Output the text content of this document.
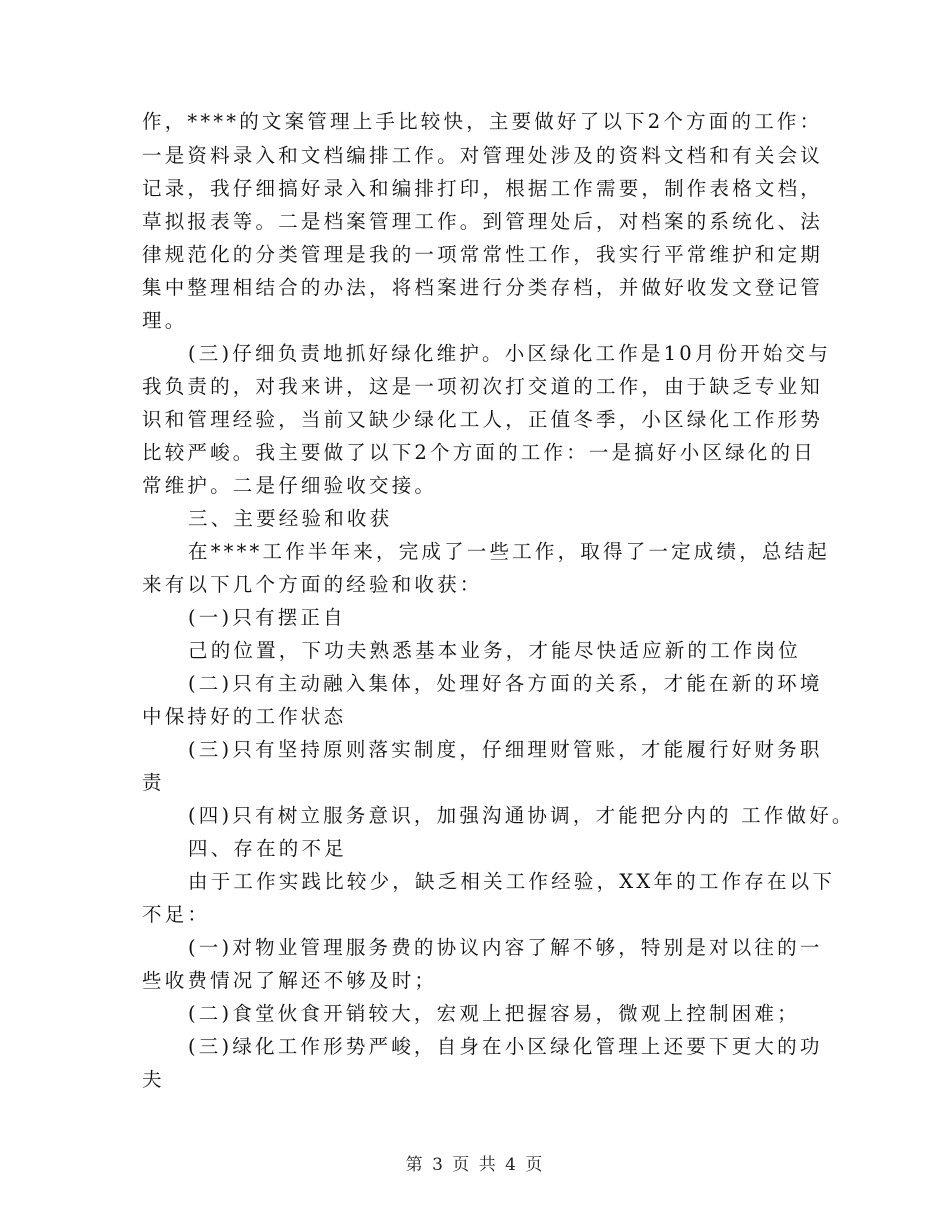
作，****的文案管理上手比较快，主要做好了以下2个方面的工作：
一是资料录入和文档编排工作。对管理处涉及的资料文档和有关会议
记录，我仔细搞好录入和编排打印，根据工作需要，制作表格文档，
草拟报表等。二是档案管理工作。到管理处后，对档案的系统化、法
律规范化的分类管理是我的一项常常性工作，我实行平常维护和定期
集中整理相结合的办法，将档案进行分类存档，并做好收发文登记管
理。
(三)仔细负责地抓好绿化维护。小区绿化工作是10月份开始交与
我负责的，对我来讲，这是一项初次打交道的工作，由于缺乏专业知
识和管理经验，当前又缺少绿化工人，正值冬季，小区绿化工作形势
比较严峻。我主要做了以下2个方面的工作：一是搞好小区绿化的日
常维护。二是仔细验收交接。
三、主要经验和收获
在****工作半年来，完成了一些工作，取得了一定成绩，总结起
来有以下几个方面的经验和收获：
(一)只有摆正自
己的位置，下功夫熟悉基本业务，才能尽快适应新的工作岗位
(二)只有主动融入集体，处理好各方面的关系，才能在新的环境
中保持好的工作状态
(三)只有坚持原则落实制度，仔细理财管账，才能履行好财务职
责
(四)只有树立服务意识，加强沟通协调，才能把分内的 工作做好。
四、存在的不足
由于工作实践比较少，缺乏相关工作经验，XX年的工作存在以下
不足：
(一)对物业管理服务费的协议内容了解不够，特别是对以往的一
些收费情况了解还不够及时；
(二)食堂伙食开销较大，宏观上把握容易，微观上控制困难；
(三)绿化工作形势严峻，自身在小区绿化管理上还要下更大的功
夫
第 3 页 共 4 页
